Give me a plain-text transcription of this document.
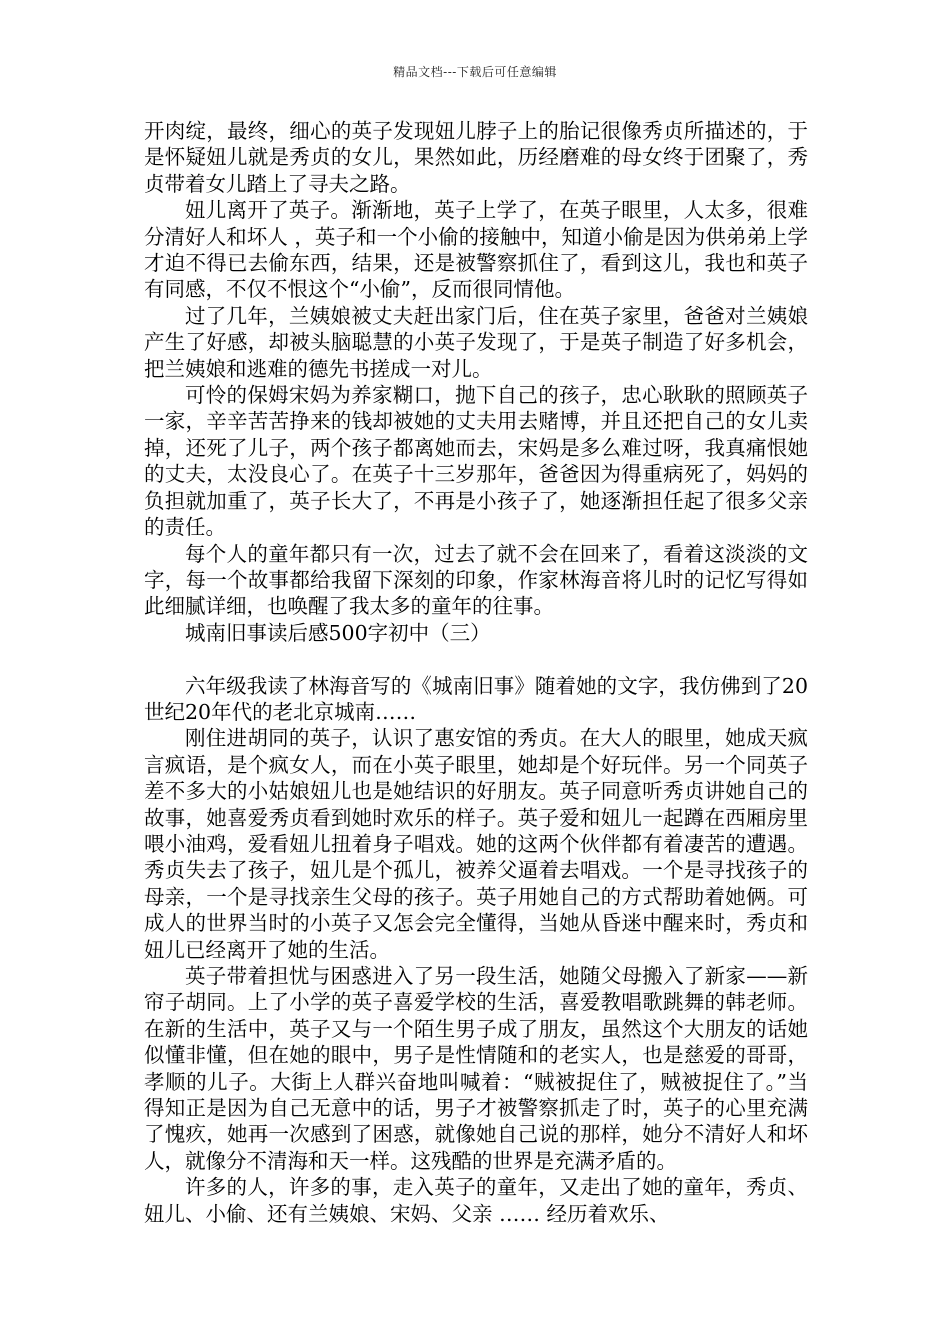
精品文档---下载后可任意编辑

开肉绽，最终，细心的英子发现妞儿脖子上的胎记很像秀贞所描述的，于是怀疑妞儿就是秀贞的女儿，果然如此，历经磨难的母女终于团聚了，秀贞带着女儿踏上了寻夫之路。

妞儿离开了英子。渐渐地，英子上学了，在英子眼里，人太多，很难分清好人和坏人 ，英子和一个小偷的接触中，知道小偷是因为供弟弟上学才迫不得已去偷东西，结果，还是被警察抓住了，看到这儿，我也和英子有同感，不仅不恨这个“小偷”，反而很同情他。

过了几年，兰姨娘被丈夫赶出家门后，住在英子家里，爸爸对兰姨娘产生了好感，却被头脑聪慧的小英子发现了，于是英子制造了好多机会，把兰姨娘和逃难的德先书搓成一对儿。

可怜的保姆宋妈为养家糊口，抛下自己的孩子，忠心耿耿的照顾英子一家，辛辛苦苦挣来的钱却被她的丈夫用去赌博，并且还把自己的女儿卖掉，还死了儿子，两个孩子都离她而去，宋妈是多么难过呀，我真痛恨她的丈夫，太没良心了。在英子十三岁那年，爸爸因为得重病死了，妈妈的负担就加重了，英子长大了，不再是小孩子了，她逐渐担任起了很多父亲的责任。

每个人的童年都只有一次，过去了就不会在回来了，看着这淡淡的文字，每一个故事都给我留下深刻的印象，作家林海音将儿时的记忆写得如此细腻详细，也唤醒了我太多的童年的往事。

城南旧事读后感500字初中（三）

六年级我读了林海音写的《城南旧事》随着她的文字，我仿佛到了20世纪20年代的老北京城南……

刚住进胡同的英子，认识了惠安馆的秀贞。在大人的眼里，她成天疯言疯语，是个疯女人，而在小英子眼里，她却是个好玩伴。另一个同英子差不多大的小姑娘妞儿也是她结识的好朋友。英子同意听秀贞讲她自己的故事，她喜爱秀贞看到她时欢乐的样子。英子爱和妞儿一起蹲在西厢房里喂小油鸡，爱看妞儿扭着身子唱戏。她的这两个伙伴都有着凄苦的遭遇。秀贞失去了孩子，妞儿是个孤儿，被养父逼着去唱戏。一个是寻找孩子的母亲，一个是寻找亲生父母的孩子。英子用她自己的方式帮助着她俩。可成人的世界当时的小英子又怎会完全懂得，当她从昏迷中醒来时，秀贞和妞儿已经离开了她的生活。

英子带着担忧与困惑进入了另一段生活，她随父母搬入了新家——新帘子胡同。上了小学的英子喜爱学校的生活，喜爱教唱歌跳舞的韩老师。在新的生活中，英子又与一个陌生男子成了朋友，虽然这个大朋友的话她似懂非懂，但在她的眼中，男子是性情随和的老实人，也是慈爱的哥哥，孝顺的儿子。大街上人群兴奋地叫喊着：“贼被捉住了，贼被捉住了。”当得知正是因为自己无意中的话，男子才被警察抓走了时，英子的心里充满了愧疚，她再一次感到了困惑，就像她自己说的那样，她分不清好人和坏人，就像分不清海和天一样。这残酷的世界是充满矛盾的。

许多的人，许多的事，走入英子的童年，又走出了她的童年，秀贞、妞儿、小偷、还有兰姨娘、宋妈、父亲 …… 经历着欢乐、
